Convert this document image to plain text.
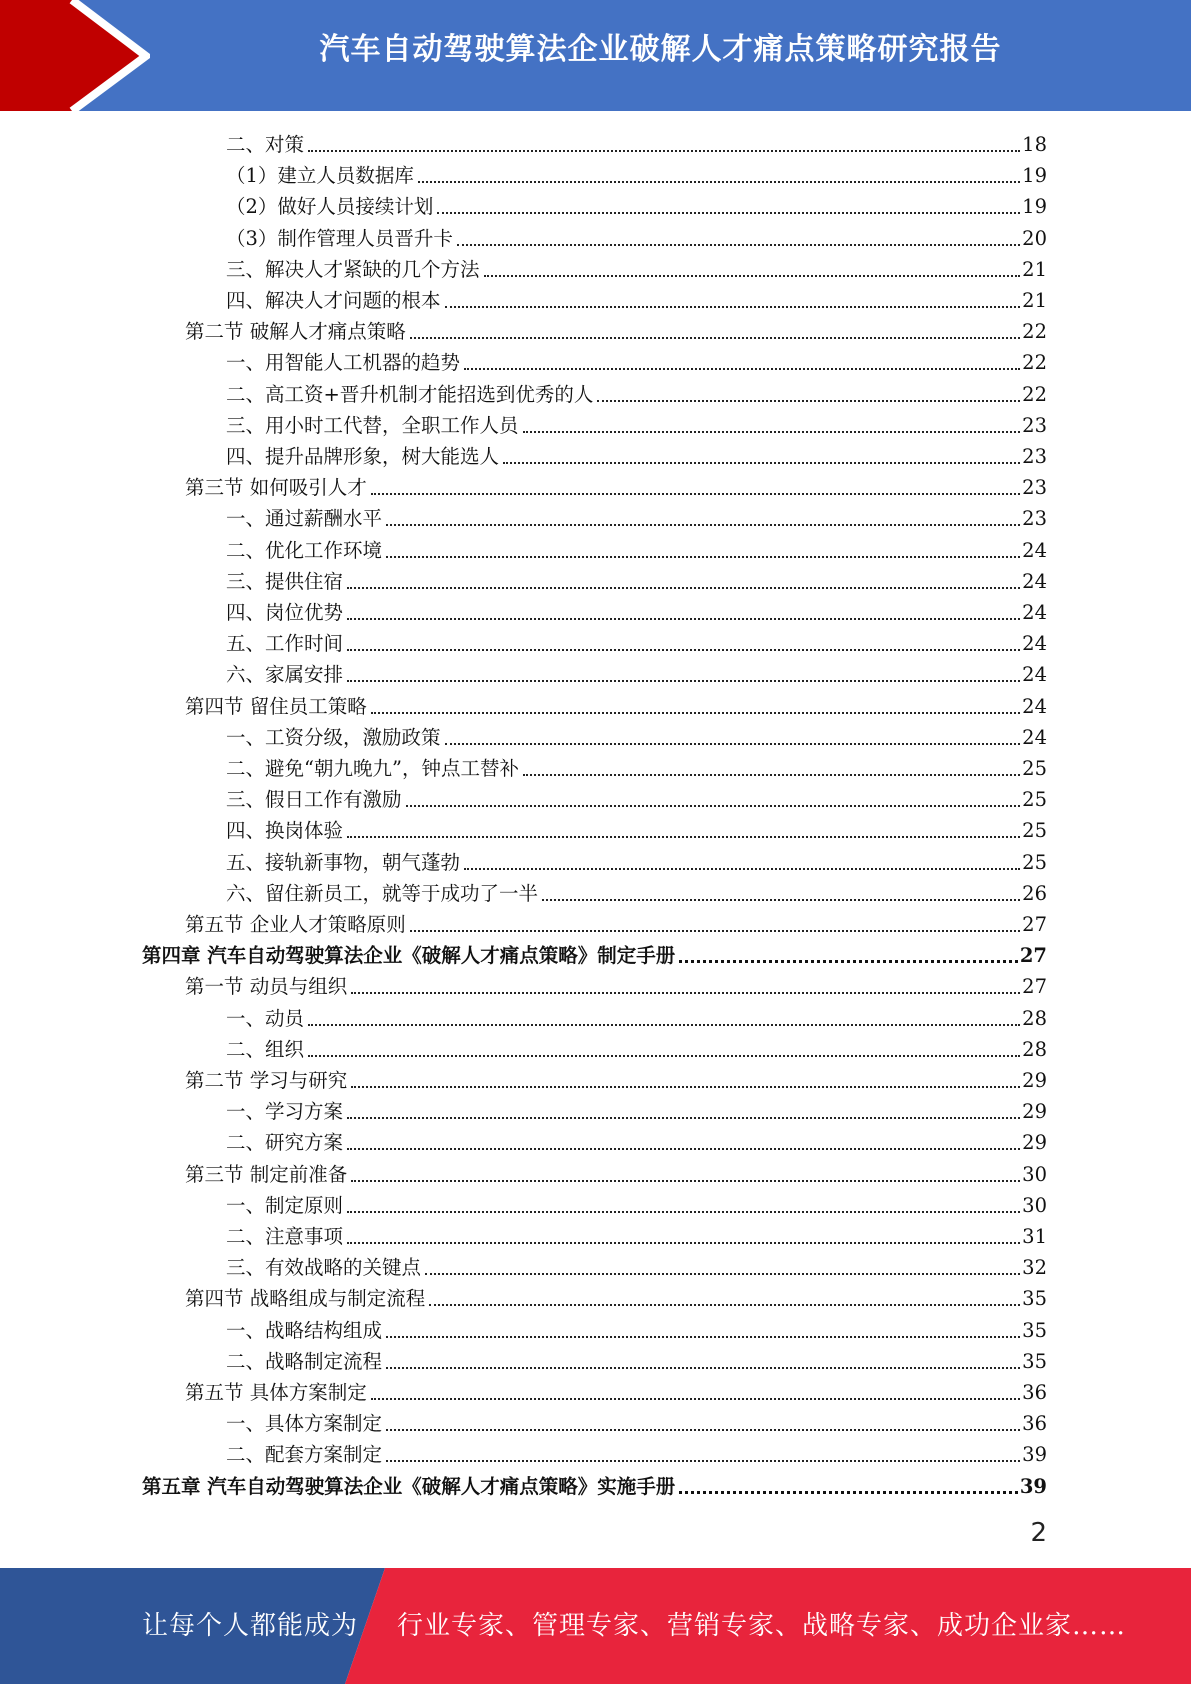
汽车自动驾驶算法企业破解人才痛点策略研究报告
二、对策	18
（1）建立人员数据库	19
（2）做好人员接续计划	19
（3）制作管理人员晋升卡	20
三、解决人才紧缺的几个方法	21
四、解决人才问题的根本	21
第二节 破解人才痛点策略	22
一、用智能人工机器的趋势	22
二、高工资+晋升机制才能招选到优秀的人	22
三、用小时工代替，全职工作人员	23
四、提升品牌形象，树大能选人	23
第三节 如何吸引人才	23
一、通过薪酬水平	23
二、优化工作环境	24
三、提供住宿	24
四、岗位优势	24
五、工作时间	24
六、家属安排	24
第四节 留住员工策略	24
一、工资分级，激励政策	24
二、避免“朝九晚九”，钟点工替补	25
三、假日工作有激励	25
四、换岗体验	25
五、接轨新事物，朝气蓬勃	25
六、留住新员工，就等于成功了一半	26
第五节 企业人才策略原则	27
第四章 汽车自动驾驶算法企业《破解人才痛点策略》制定手册	27
第一节 动员与组织	27
一、动员	28
二、组织	28
第二节 学习与研究	29
一、学习方案	29
二、研究方案	29
第三节 制定前准备	30
一、制定原则	30
二、注意事项	31
三、有效战略的关键点	32
第四节 战略组成与制定流程	35
一、战略结构组成	35
二、战略制定流程	35
第五节 具体方案制定	36
一、具体方案制定	36
二、配套方案制定	39
第五章 汽车自动驾驶算法企业《破解人才痛点策略》实施手册	39
2
让每个人都能成为 行业专家、管理专家、营销专家、战略专家、成功企业家……
